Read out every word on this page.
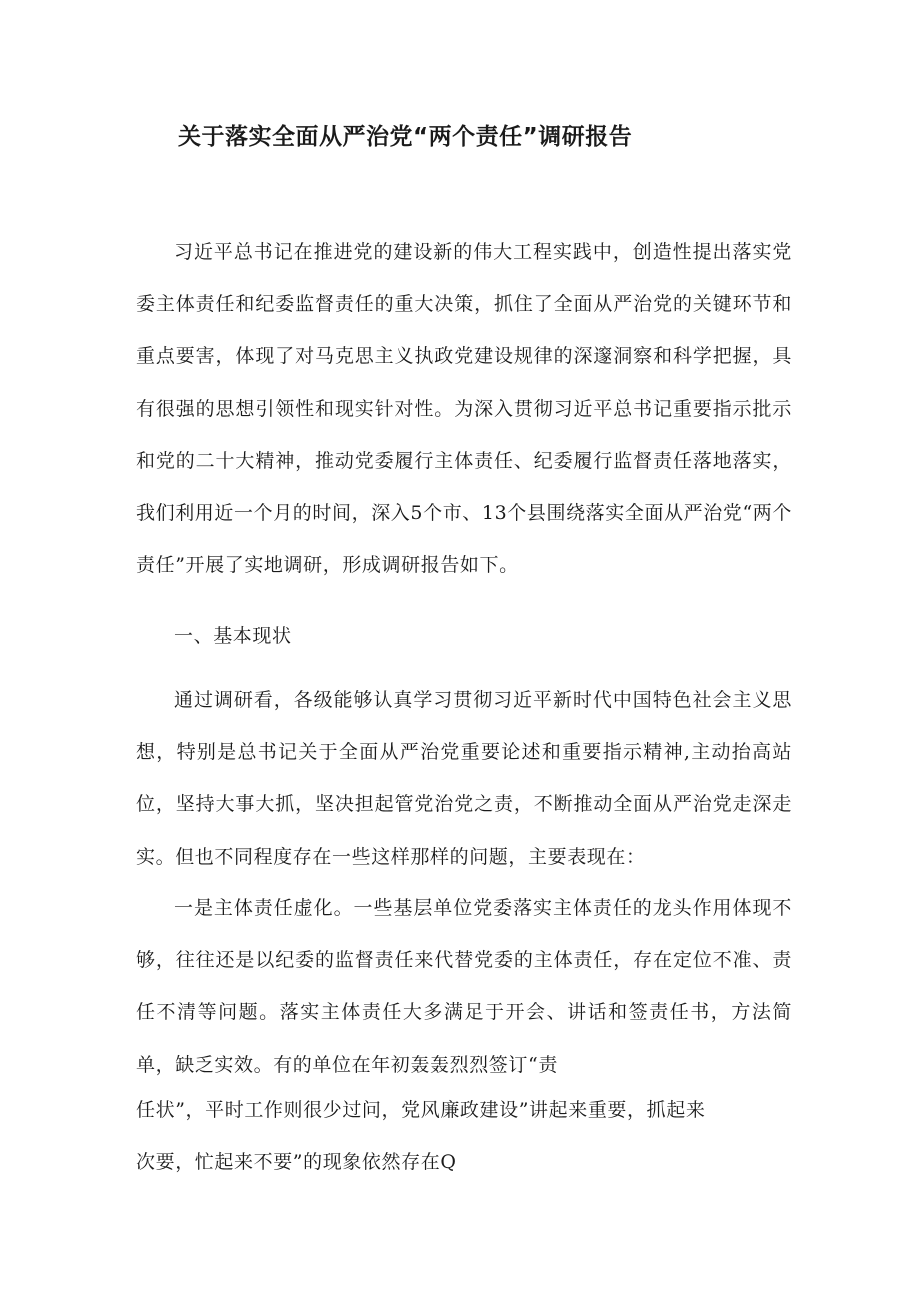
关于落实全面从严治党“两个责任”调研报告

习近平总书记在推进党的建设新的伟大工程实践中，创造性提出落实党委主体责任和纪委监督责任的重大决策，抓住了全面从严治党的关键环节和重点要害，体现了对马克思主义执政党建设规律的深邃洞察和科学把握，具有很强的思想引领性和现实针对性。为深入贯彻习近平总书记重要指示批示和党的二十大精神，推动党委履行主体责任、纪委履行监督责任落地落实，我们利用近一个月的时间，深入5个市、13个县围绕落实全面从严治党“两个责任”开展了实地调研，形成调研报告如下。

一、基本现状

通过调研看，各级能够认真学习贯彻习近平新时代中国特色社会主义思想，特别是总书记关于全面从严治党重要论述和重要指示精神,主动抬高站位，坚持大事大抓，坚决担起管党治党之责，不断推动全面从严治党走深走实。但也不同程度存在一些这样那样的问题，主要表现在：

一是主体责任虚化。一些基层单位党委落实主体责任的龙头作用体现不够，往往还是以纪委的监督责任来代替党委的主体责任，存在定位不准、责任不清等问题。落实主体责任大多满足于开会、讲话和签责任书，方法简单，缺乏实效。有的单位在年初轰轰烈烈签订“责

任状”，平时工作则很少过问，党风廉政建设”讲起来重要，抓起来

次要，忙起来不要”的现象依然存在Q
